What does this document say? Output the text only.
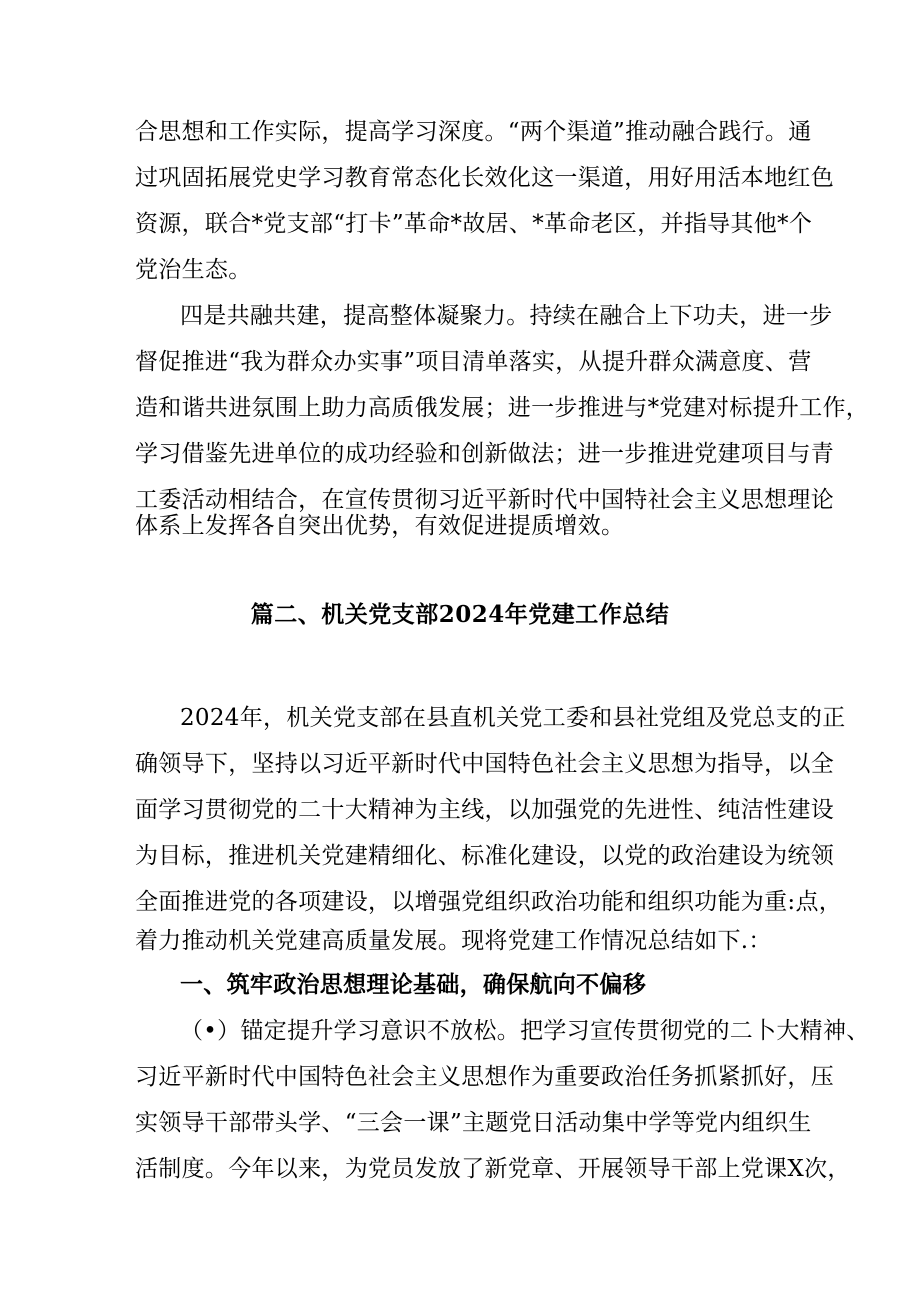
合思想和工作实际，提高学习深度。“两个渠道”推动融合践行。通

过巩固拓展党史学习教育常态化长效化这一渠道，用好用活本地红色

资源，联合*党支部“打卡”革命*故居、*革命老区，并指导其他*个

党治生态。

四是共融共建，提高整体凝聚力。持续在融合上下功夫，进一步

督促推进“我为群众办实事”项目清单落实，从提升群众满意度、营

造和谐共进氛围上助力高质俄发展；进一步推进与*党建对标提升工作，

学习借鉴先进单位的成功经验和创新做法；进一步推进党建项目与青

工委活动相结合，在宣传贯彻习近平新时代中国特社会主义思想理论

体系上发挥各自突出优势，有效促进提质增效。

篇二、机关党支部2024年党建工作总结

2024年，机关党支部在县直机关党工委和县社党组及党总支的正

确领导下，坚持以习近平新时代中国特色社会主义思想为指导，以全

面学习贯彻党的二十大精神为主线，以加强党的先进性、纯洁性建设

为目标，推进机关党建精细化、标准化建设，以党的政治建设为统领

全面推进党的各项建设，以增强党组织政治功能和组织功能为重:点，

着力推动机关党建高质量发展。现将党建工作情况总结如下.：

一、筑牢政治思想理论基础，确保航向不偏移

（•）锚定提升学习意识不放松。把学习宣传贯彻党的二卜大精神、

习近平新时代中国特色社会主义思想作为重要政治任务抓紧抓好，压

实领导干部带头学、“三会一课”主题党日活动集中学等党内组织生

活制度。今年以来，为党员发放了新党章、开展领导干部上党课X次，
